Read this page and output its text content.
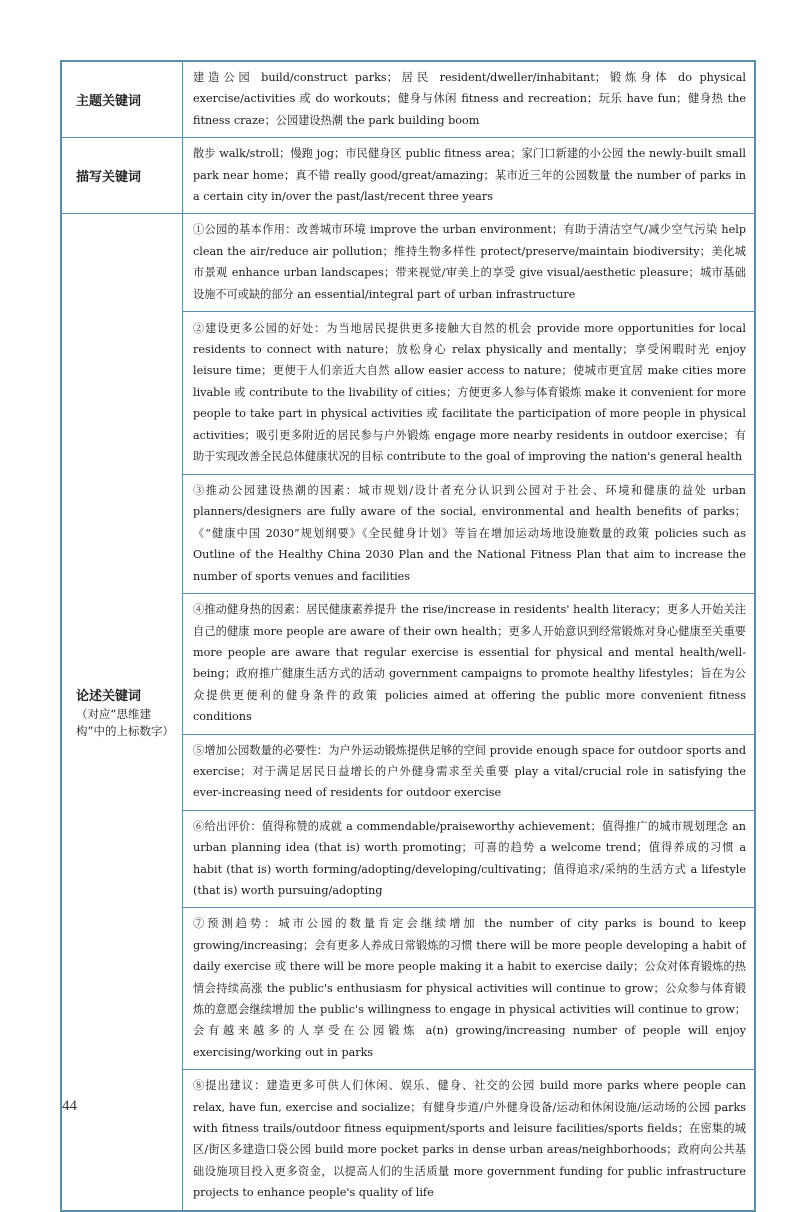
主题关键词	建造公园 build/construct parks；居民 resident/dweller/inhabitant；锻炼身体 do physical exercise/activities 或 do workouts；健身与休闲 fitness and recreation；玩乐 have fun；健身热 the fitness craze；公园建设热潮 the park building boom

描写关键词	散步 walk/stroll；慢跑 jog；市民健身区 public fitness area；家门口新建的小公园 the newly-built small park near home；真不错 really good/great/amazing；某市近三年的公园数量 the number of parks in a certain city in/over the past/last/recent three years

论述关键词
（对应“思维建构”中的上标数字）	①公园的基本作用：改善城市环境 improve the urban environment；有助于清洁空气/减少空气污染 help clean the air/reduce air pollution；维持生物多样性 protect/preserve/maintain biodiversity；美化城市景观 enhance urban landscapes；带来视觉/审美上的享受 give visual/aesthetic pleasure；城市基础设施不可或缺的部分 an essential/integral part of urban infrastructure

	②建设更多公园的好处：为当地居民提供更多接触大自然的机会 provide more opportunities for local residents to connect with nature；放松身心 relax physically and mentally；享受闲暇时光 enjoy leisure time；更便于人们亲近大自然 allow easier access to nature；使城市更宜居 make cities more livable 或 contribute to the livability of cities；方便更多人参与体育锻炼 make it convenient for more people to take part in physical activities 或 facilitate the participation of more people in physical activities；吸引更多附近的居民参与户外锻炼 engage more nearby residents in outdoor exercise；有助于实现改善全民总体健康状况的目标 contribute to the goal of improving the nation's general health

	③推动公园建设热潮的因素：城市规划/设计者充分认识到公园对于社会、环境和健康的益处 urban planners/designers are fully aware of the social, environmental and health benefits of parks；《“健康中国 2030”规划纲要》《全民健身计划》等旨在增加运动场地设施数量的政策 policies such as Outline of the Healthy China 2030 Plan and the National Fitness Plan that aim to increase the number of sports venues and facilities

	④推动健身热的因素：居民健康素养提升 the rise/increase in residents' health literacy；更多人开始关注自己的健康 more people are aware of their own health；更多人开始意识到经常锻炼对身心健康至关重要 more people are aware that regular exercise is essential for physical and mental health/well-being；政府推广健康生活方式的活动 government campaigns to promote healthy lifestyles；旨在为公众提供更便利的健身条件的政策 policies aimed at offering the public more convenient fitness conditions

	⑤增加公园数量的必要性：为户外运动锻炼提供足够的空间 provide enough space for outdoor sports and exercise；对于满足居民日益增长的户外健身需求至关重要 play a vital/crucial role in satisfying the ever-increasing need of residents for outdoor exercise

	⑥给出评价：值得称赞的成就 a commendable/praiseworthy achievement；值得推广的城市规划理念 an urban planning idea (that is) worth promoting；可喜的趋势 a welcome trend；值得养成的习惯 a habit (that is) worth forming/adopting/developing/cultivating；值得追求/采纳的生活方式 a lifestyle (that is) worth pursuing/adopting

	⑦预测趋势：城市公园的数量肯定会继续增加 the number of city parks is bound to keep growing/increasing；会有更多人养成日常锻炼的习惯 there will be more people developing a habit of daily exercise 或 there will be more people making it a habit to exercise daily；公众对体育锻炼的热情会持续高涨 the public's enthusiasm for physical activities will continue to grow；公众参与体育锻炼的意愿会继续增加 the public's willingness to engage in physical activities will continue to grow；会有越来越多的人享受在公园锻炼 a(n) growing/increasing number of people will enjoy exercising/working out in parks

	⑧提出建议：建造更多可供人们休闲、娱乐、健身、社交的公园 build more parks where people can relax, have fun, exercise and socialize；有健身步道/户外健身设备/运动和休闲设施/运动场的公园 parks with fitness trails/outdoor fitness equipment/sports and leisure facilities/sports fields；在密集的城区/街区多建造口袋公园 build more pocket parks in dense urban areas/neighborhoods；政府向公共基础设施项目投入更多资金，以提高人们的生活质量 more government funding for public infrastructure projects to enhance people's quality of life

44
